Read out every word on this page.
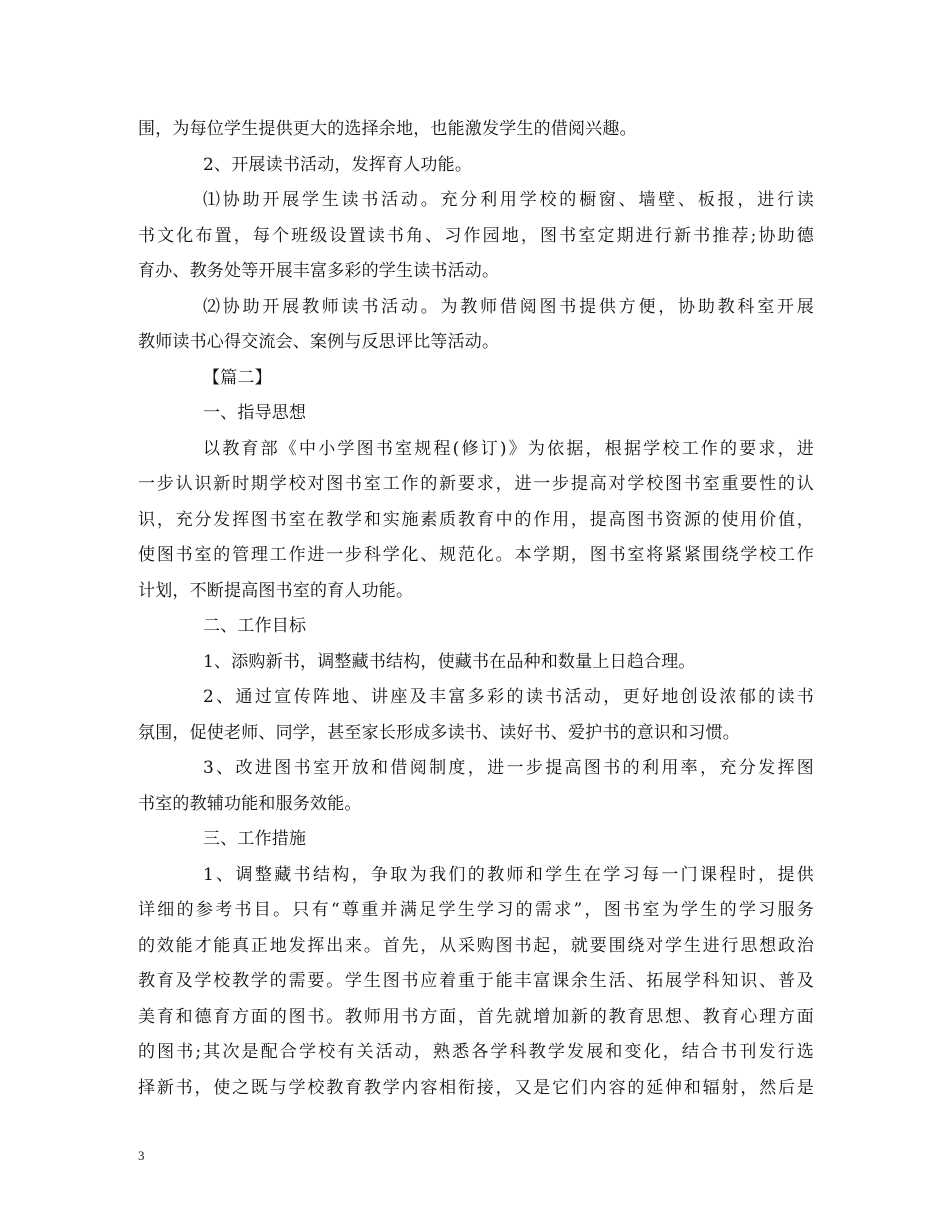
围，为每位学生提供更大的选择余地，也能激发学生的借阅兴趣。
2、开展读书活动，发挥育人功能。
⑴协助开展学生读书活动。充分利用学校的橱窗、墙壁、板报，进行读
书文化布置，每个班级设置读书角、习作园地，图书室定期进行新书推荐;协助德
育办、教务处等开展丰富多彩的学生读书活动。
⑵协助开展教师读书活动。为教师借阅图书提供方便，协助教科室开展
教师读书心得交流会、案例与反思评比等活动。
【篇二】
一、指导思想
以教育部《中小学图书室规程(修订)》为依据，根据学校工作的要求，进
一步认识新时期学校对图书室工作的新要求，进一步提高对学校图书室重要性的认
识，充分发挥图书室在教学和实施素质教育中的作用，提高图书资源的使用价值，
使图书室的管理工作进一步科学化、规范化。本学期，图书室将紧紧围绕学校工作
计划，不断提高图书室的育人功能。
二、工作目标
1、添购新书，调整藏书结构，使藏书在品种和数量上日趋合理。
2、通过宣传阵地、讲座及丰富多彩的读书活动，更好地创设浓郁的读书
氛围，促使老师、同学，甚至家长形成多读书、读好书、爱护书的意识和习惯。
3、改进图书室开放和借阅制度，进一步提高图书的利用率，充分发挥图
书室的教辅功能和服务效能。
三、工作措施
1、调整藏书结构，争取为我们的教师和学生在学习每一门课程时，提供
详细的参考书目。只有“尊重并满足学生学习的需求”，图书室为学生的学习服务
的效能才能真正地发挥出来。首先，从采购图书起，就要围绕对学生进行思想政治
教育及学校教学的需要。学生图书应着重于能丰富课余生活、拓展学科知识、普及
美育和德育方面的图书。教师用书方面，首先就增加新的教育思想、教育心理方面
的图书;其次是配合学校有关活动，熟悉各学科教学发展和变化，结合书刊发行选
择新书，使之既与学校教育教学内容相衔接，又是它们内容的延伸和辐射，然后是
3
